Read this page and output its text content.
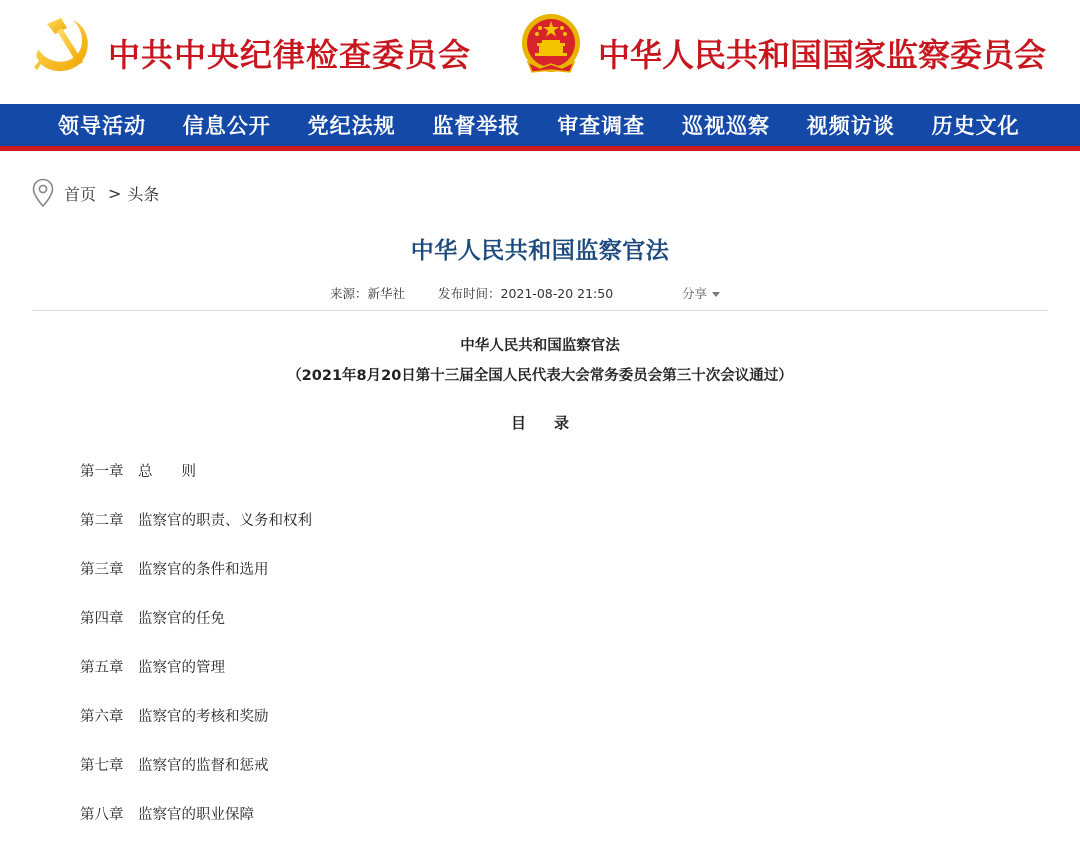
中共中央纪律检查委员会	中华人民共和国国家监察委员会
领导活动	信息公开	党纪法规	监督举报	审查调查	巡视巡察	视频访谈	历史文化
首页 > 头条
中华人民共和国监察官法
来源：新华社	发布时间：2021-08-20 21:50	分享
中华人民共和国监察官法
（2021年8月20日第十三届全国人民代表大会常务委员会第三十次会议通过）
目录
第一章 总　　则
第二章 监察官的职责、义务和权利
第三章 监察官的条件和选用
第四章 监察官的任免
第五章 监察官的管理
第六章 监察官的考核和奖励
第七章 监察官的监督和惩戒
第八章 监察官的职业保障
